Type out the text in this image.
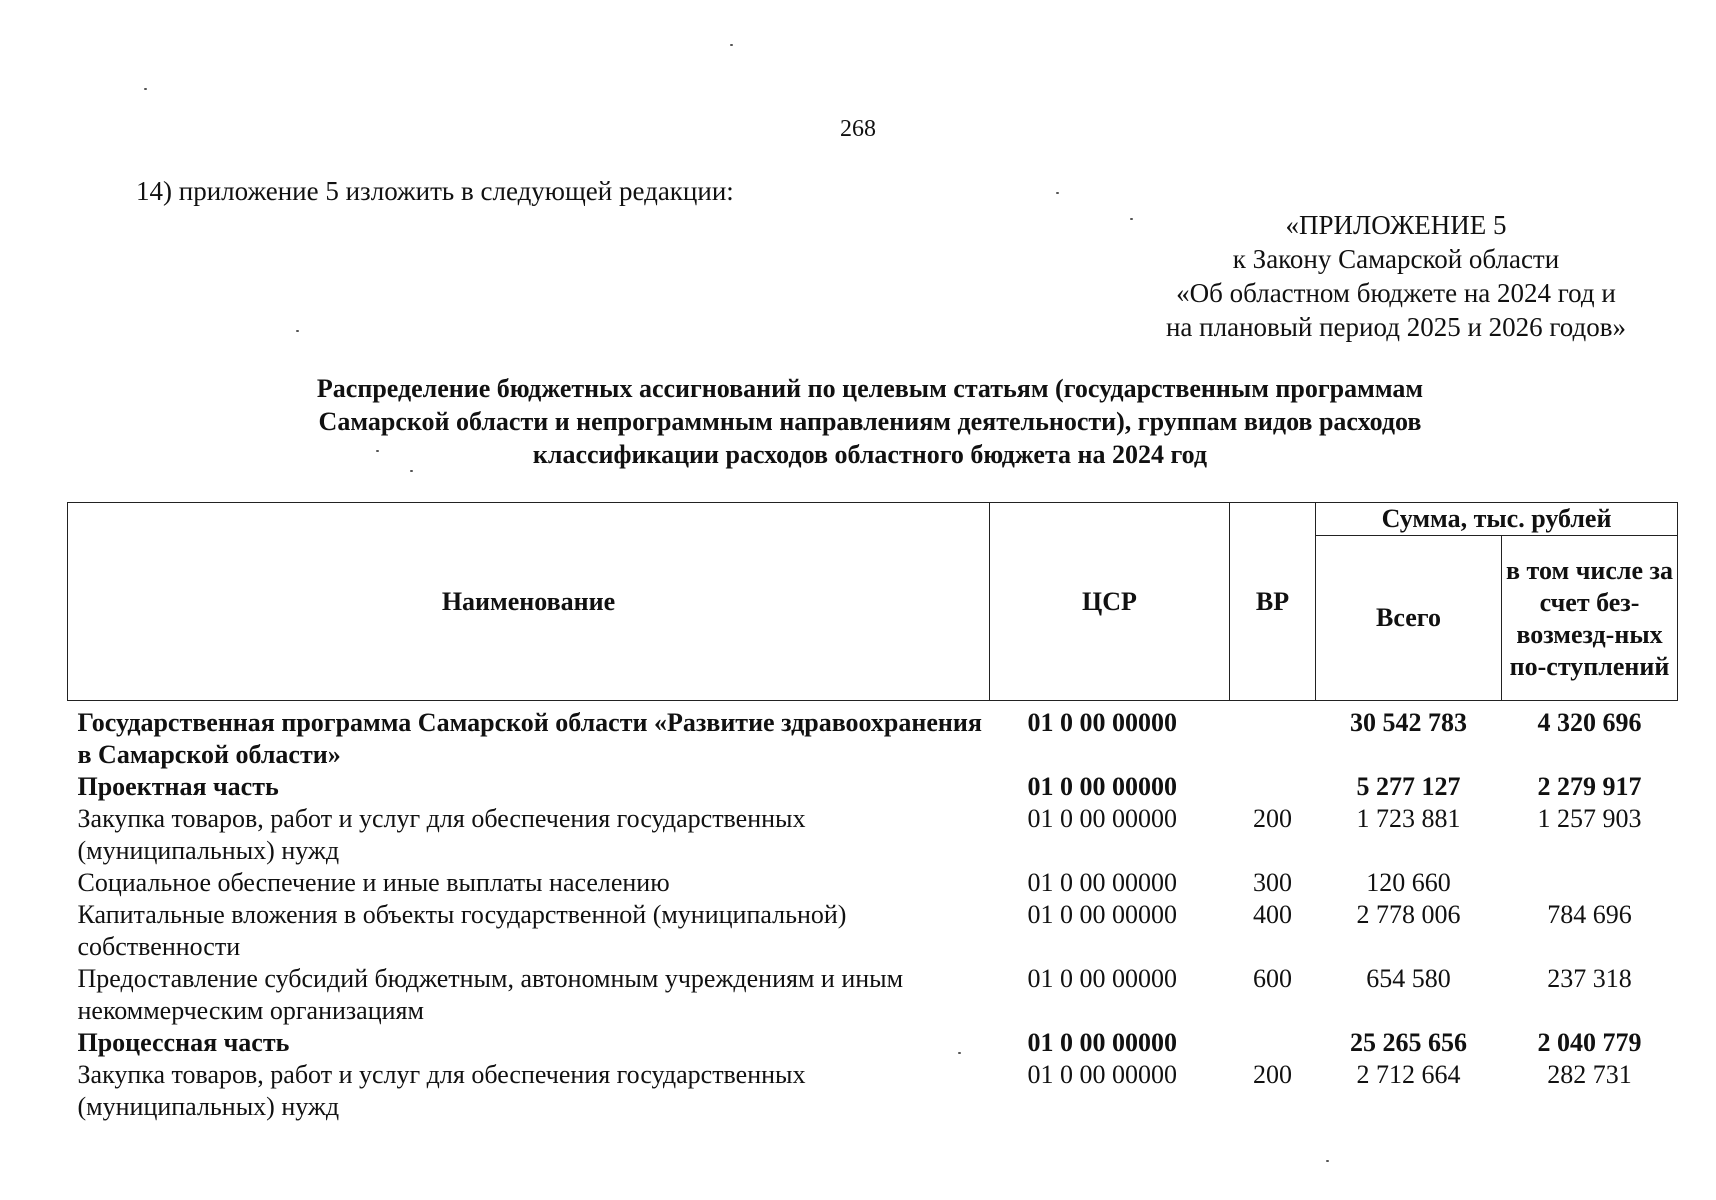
268
14) приложение 5 изложить в следующей редакции:
«ПРИЛОЖЕНИЕ 5
к Закону Самарской области
«Об областном бюджете на 2024 год и
на плановый период 2025 и 2026 годов»
Распределение бюджетных ассигнований по целевым статьям (государственным программам
Самарской области и непрограммным направлениям деятельности), группам видов расходов
классификации расходов областного бюджета на 2024 год
Наименование	ЦСР	ВР	Сумма, тыс. рублей	
			Всего	в том числе за счет без-возмезд-ных по-ступлений
Государственная программа Самарской области «Развитие здравоохранения в Самарской области»	01 0 00 00000		30 542 783	4 320 696
Проектная часть	01 0 00 00000		5 277 127	2 279 917
Закупка товаров, работ и услуг для обеспечения государственных (муниципальных) нужд	01 0 00 00000	200	1 723 881	1 257 903
Социальное обеспечение и иные выплаты населению	01 0 00 00000	300	120 660	
Капитальные вложения в объекты государственной (муниципальной) собственности	01 0 00 00000	400	2 778 006	784 696
Предоставление субсидий бюджетным, автономным учреждениям и иным некоммерческим организациям	01 0 00 00000	600	654 580	237 318
Процессная часть	01 0 00 00000		25 265 656	2 040 779
Закупка товаров, работ и услуг для обеспечения государственных (муниципальных) нужд	01 0 00 00000	200	2 712 664	282 731
